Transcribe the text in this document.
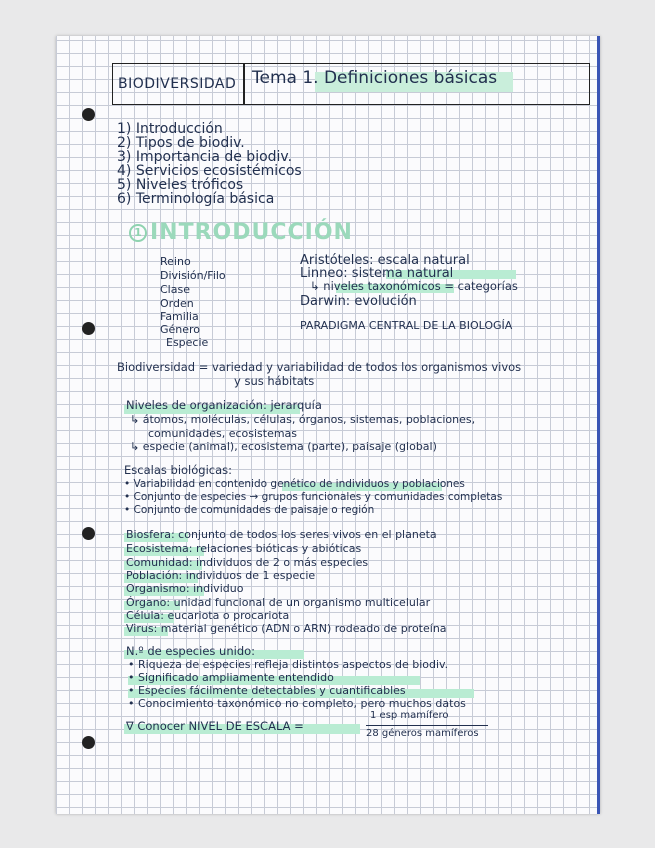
BIODIVERSIDAD Tema 1. Definiciones básicas
1) Introducción
2) Tipos de biodiv.
3) Importancia de biodiv.
4) Servicios ecosistémicos
5) Niveles tróficos
6) Terminología básica
1 INTRODUCCIÓN
Reino
División/Filo
Clase
Orden
Familia
Género
Especie
Aristóteles: escala natural
Linneo: sistema natural
↳ niveles taxonómicos = categorías
Darwin: evolución
PARADIGMA CENTRAL DE LA BIOLOGÍA
Biodiversidad = variedad y variabilidad de todos los organismos vivos
y sus hábitats
Niveles de organización: jerarquía
↳ átomos, moléculas, células, órganos, sistemas, poblaciones,
comunidades, ecosistemas
↳ especie (animal), ecosistema (parte), paisaje (global)
Escalas biológicas:
• Variabilidad en contenido genético de individuos y poblaciones
• Conjunto de especies → grupos funcionales y comunidades completas
• Conjunto de comunidades de paisaje o región
Biosfera: conjunto de todos los seres vivos en el planeta
Ecosistema: relaciones bióticas y abióticas
Comunidad: individuos de 2 o más especies
Población: individuos de 1 especie
Organismo: individuo
Órgano: unidad funcional de un organismo multicelular
Célula: eucariota o procariota
Virus: material genético (ADN o ARN) rodeado de proteína
N.º de especies unido:
• Riqueza de especies refleja distintos aspectos de biodiv.
• Significado ampliamente entendido
• Especies fácilmente detectables y cuantificables
• Conocimiento taxonómico no completo, pero muchos datos
∇ Conocer NIVEL DE ESCALA =
1 esp mamífero
28 géneros mamíferos
